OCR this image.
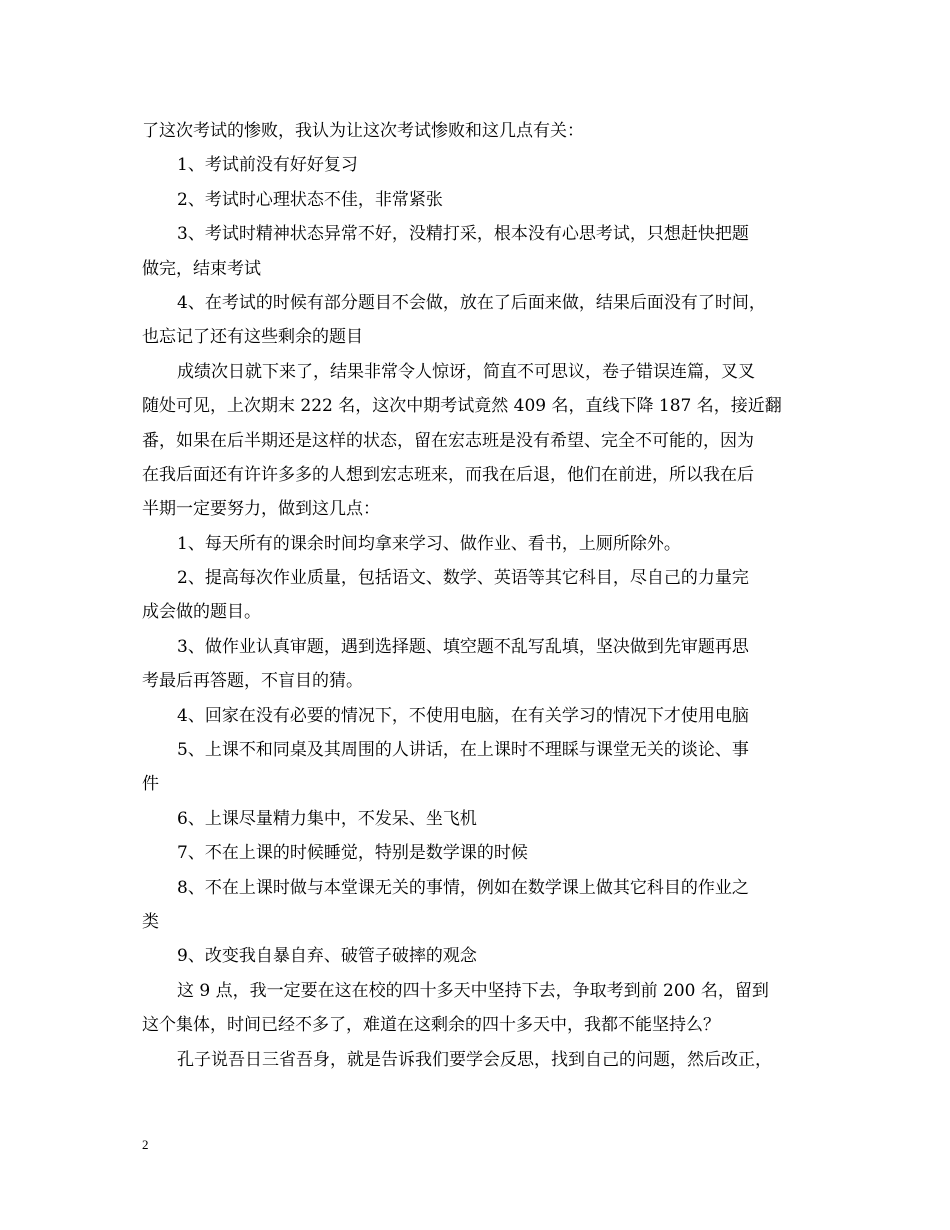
了这次考试的惨败，我认为让这次考试惨败和这几点有关：
1、考试前没有好好复习
2、考试时心理状态不佳，非常紧张
3、考试时精神状态异常不好，没精打采，根本没有心思考试，只想赶快把题
做完，结束考试
4、在考试的时候有部分题目不会做，放在了后面来做，结果后面没有了时间，
也忘记了还有这些剩余的题目
成绩次日就下来了，结果非常令人惊讶，简直不可思议，卷子错误连篇，叉叉
随处可见，上次期末 222 名，这次中期考试竟然 409 名，直线下降 187 名，接近翻
番，如果在后半期还是这样的状态，留在宏志班是没有希望、完全不可能的，因为
在我后面还有许许多多的人想到宏志班来，而我在后退，他们在前进，所以我在后
半期一定要努力，做到这几点：
1、每天所有的课余时间均拿来学习、做作业、看书，上厕所除外。
2、提高每次作业质量，包括语文、数学、英语等其它科目，尽自己的力量完
成会做的题目。
3、做作业认真审题，遇到选择题、填空题不乱写乱填，坚决做到先审题再思
考最后再答题，不盲目的猜。
4、回家在没有必要的情况下，不使用电脑，在有关学习的情况下才使用电脑
5、上课不和同桌及其周围的人讲话，在上课时不理睬与课堂无关的谈论、事
件
6、上课尽量精力集中，不发呆、坐飞机
7、不在上课的时候睡觉，特别是数学课的时候
8、不在上课时做与本堂课无关的事情，例如在数学课上做其它科目的作业之
类
9、改变我自暴自弃、破管子破摔的观念
这 9 点，我一定要在这在校的四十多天中坚持下去，争取考到前 200 名，留到
这个集体，时间已经不多了，难道在这剩余的四十多天中，我都不能坚持么？
孔子说吾日三省吾身，就是告诉我们要学会反思，找到自己的问题，然后改正，
2
